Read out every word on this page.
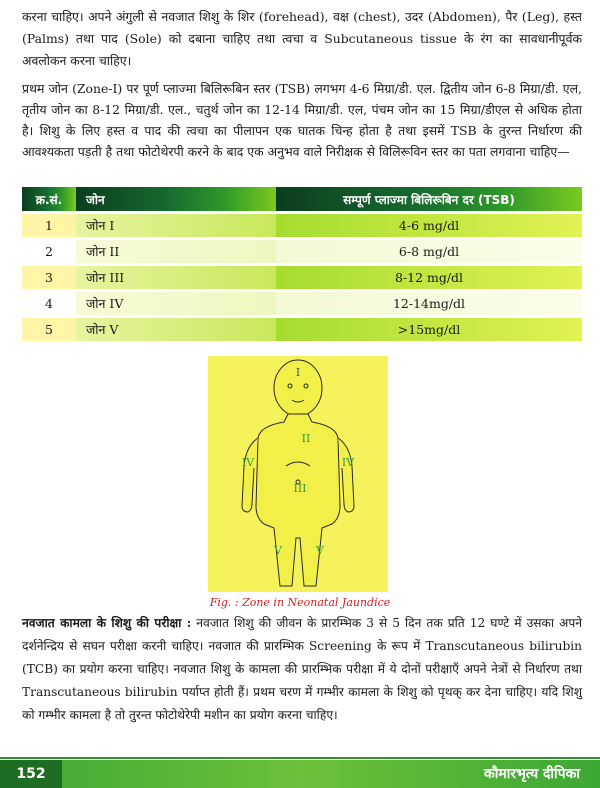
करना चाहिए। अपने अंगुली से नवजात शिशु के शिर (forehead), वक्ष (chest), उदर (Abdomen), पैर (Leg), हस्त (Palms) तथा पाद (Sole) को दबाना चाहिए तथा त्वचा व Subcutaneous tissue के रंग का सावधानीपूर्वक अवलोकन करना चाहिए।

प्रथम जोन (Zone-I) पर पूर्ण प्लाज्मा बिलिरूबिन स्तर (TSB) लगभग 4-6 मिग्रा/डी. एल. द्वितीय जोन 6-8 मिग्रा/डी. एल, तृतीय जोन का 8-12 मिग्रा/डी. एल., चतुर्थ जोन का 12-14 मिग्रा/डी. एल, पंचम जोन का 15 मिग्रा/डीएल से अधिक होता है। शिशु के लिए हस्त व पाद की त्वचा का पीलापन एक घातक चिन्ह होता है तथा इसमें TSB के तुरन्त निर्धारण की आवश्यकता पड़ती है तथा फोटोथेरपी करने के बाद एक अनुभव वाले निरीक्षक से विलिरूविन स्तर का पता लगवाना चाहिए—

क्र.सं.	जोन	सम्पूर्ण प्लाज्मा बिलिरूबिन दर (TSB)
1	जोन I	4-6 mg/dl
2	जोन II	6-8 mg/dl
3	जोन III	8-12 mg/dl
4	जोन IV	12-14mg/dl
5	जोन V	>15mg/dl
I
II
III
IV	IV
V	V
Fig. : Zone in Neonatal Jaundice

नवजात कामला के शिशु की परीक्षा : नवजात शिशु की जीवन के प्रारम्भिक 3 से 5 दिन तक प्रति 12 घण्टे में उसका अपने दर्शनेन्द्रिय से सघन परीक्षा करनी चाहिए। नवजात की प्रारम्भिक Screening के रूप में Transcutaneous bilirubin (TCB) का प्रयोग करना चाहिए। नवजात शिशु के कामला की प्रारम्भिक परीक्षा में ये दोनों परीक्षाएँ अपने नेत्रों से निर्धारण तथा Transcutaneous bilirubin पर्याप्त होती हैं। प्रथम चरण में गम्भीर कामला के शिशु को पृथक् कर देना चाहिए। यदि शिशु को गम्भीर कामला है तो तुरन्त फोटोथेरेपी मशीन का प्रयोग करना चाहिए।

152	कौमारभृत्य दीपिका
